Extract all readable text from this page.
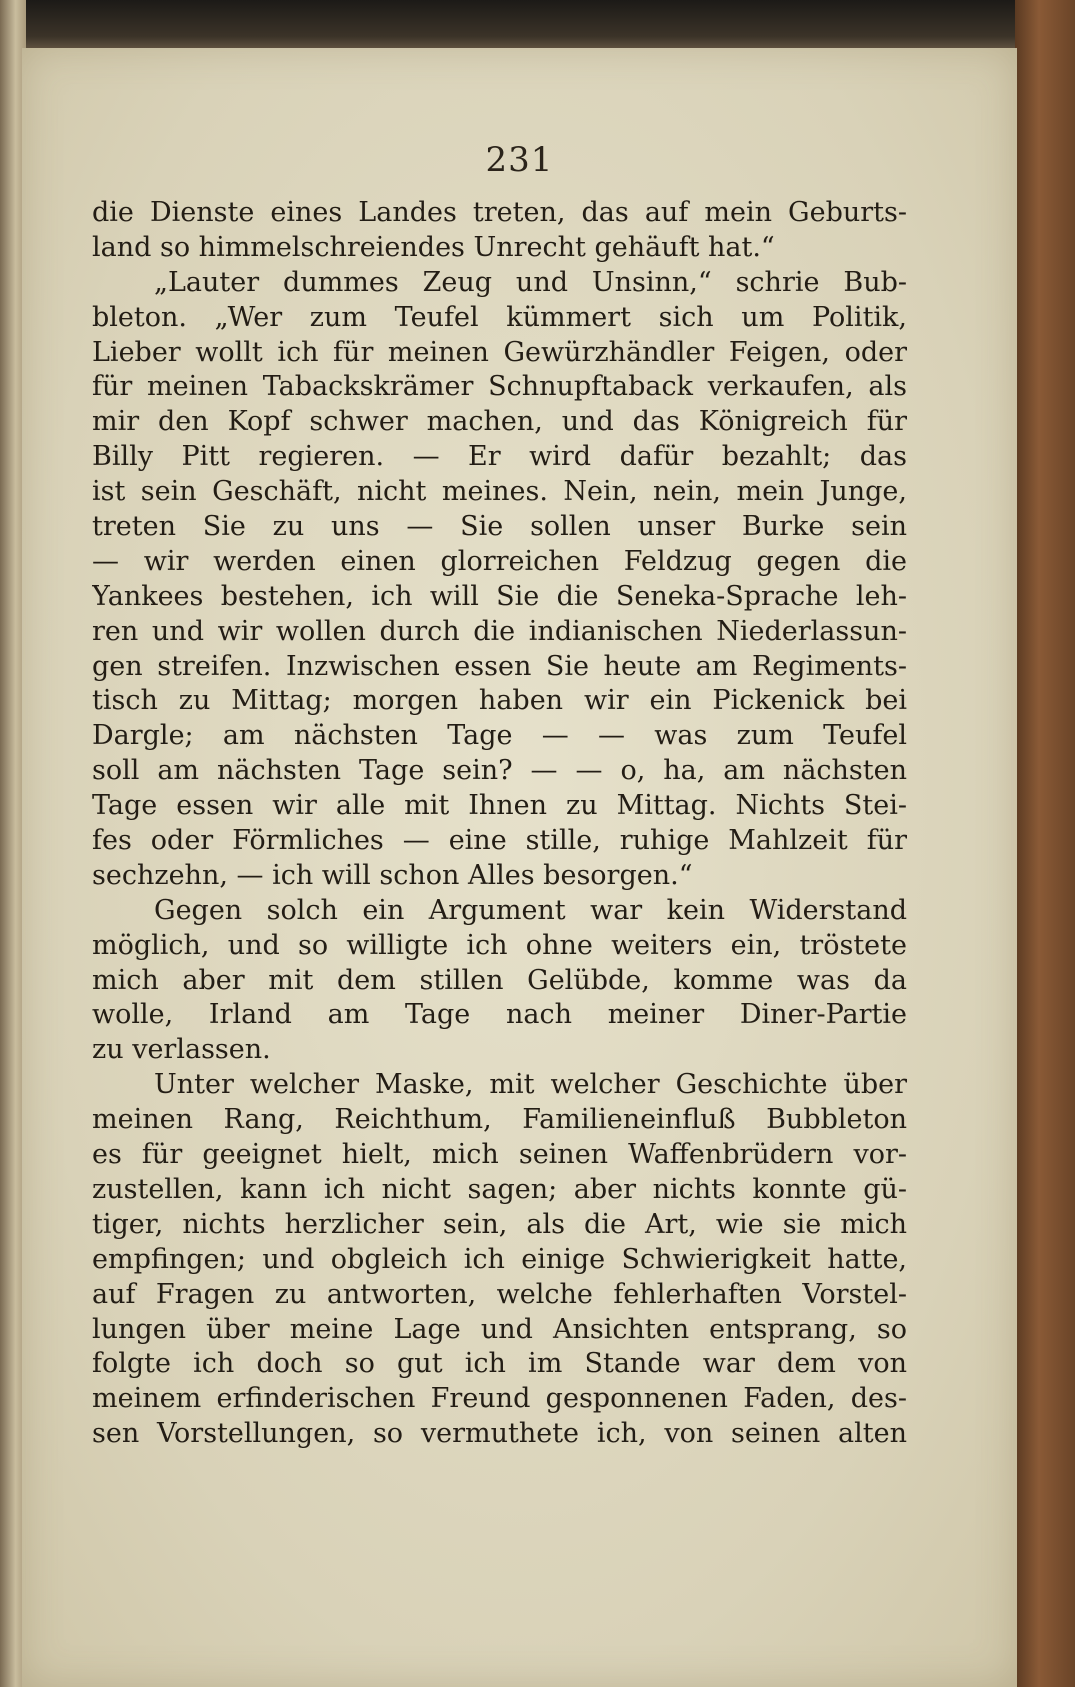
231
die Dienste eines Landes treten, das auf mein Geburts-
land so himmelschreiendes Unrecht gehäuft hat.“
„Lauter dummes Zeug und Unsinn,“ schrie Bub-
bleton. „Wer zum Teufel kümmert sich um Politik,
Lieber wollt ich für meinen Gewürzhändler Feigen, oder
für meinen Tabackskrämer Schnupftaback verkaufen, als
mir den Kopf schwer machen, und das Königreich für
Billy Pitt regieren. — Er wird dafür bezahlt; das
ist sein Geschäft, nicht meines. Nein, nein, mein Junge,
treten Sie zu uns — Sie sollen unser Burke sein
— wir werden einen glorreichen Feldzug gegen die
Yankees bestehen, ich will Sie die Seneka-Sprache leh-
ren und wir wollen durch die indianischen Niederlassun-
gen streifen. Inzwischen essen Sie heute am Regiments-
tisch zu Mittag; morgen haben wir ein Pickenick bei
Dargle; am nächsten Tage — — was zum Teufel
soll am nächsten Tage sein? — — o, ha, am nächsten
Tage essen wir alle mit Ihnen zu Mittag. Nichts Stei-
fes oder Förmliches — eine stille, ruhige Mahlzeit für
sechzehn, — ich will schon Alles besorgen.“
Gegen solch ein Argument war kein Widerstand
möglich, und so willigte ich ohne weiters ein, tröstete
mich aber mit dem stillen Gelübde, komme was da
wolle, Irland am Tage nach meiner Diner-Partie
zu verlassen.
Unter welcher Maske, mit welcher Geschichte über
meinen Rang, Reichthum, Familieneinfluß Bubbleton
es für geeignet hielt, mich seinen Waffenbrüdern vor-
zustellen, kann ich nicht sagen; aber nichts konnte gü-
tiger, nichts herzlicher sein, als die Art, wie sie mich
empfingen; und obgleich ich einige Schwierigkeit hatte,
auf Fragen zu antworten, welche fehlerhaften Vorstel-
lungen über meine Lage und Ansichten entsprang, so
folgte ich doch so gut ich im Stande war dem von
meinem erfinderischen Freund gesponnenen Faden, des-
sen Vorstellungen, so vermuthete ich, von seinen alten
